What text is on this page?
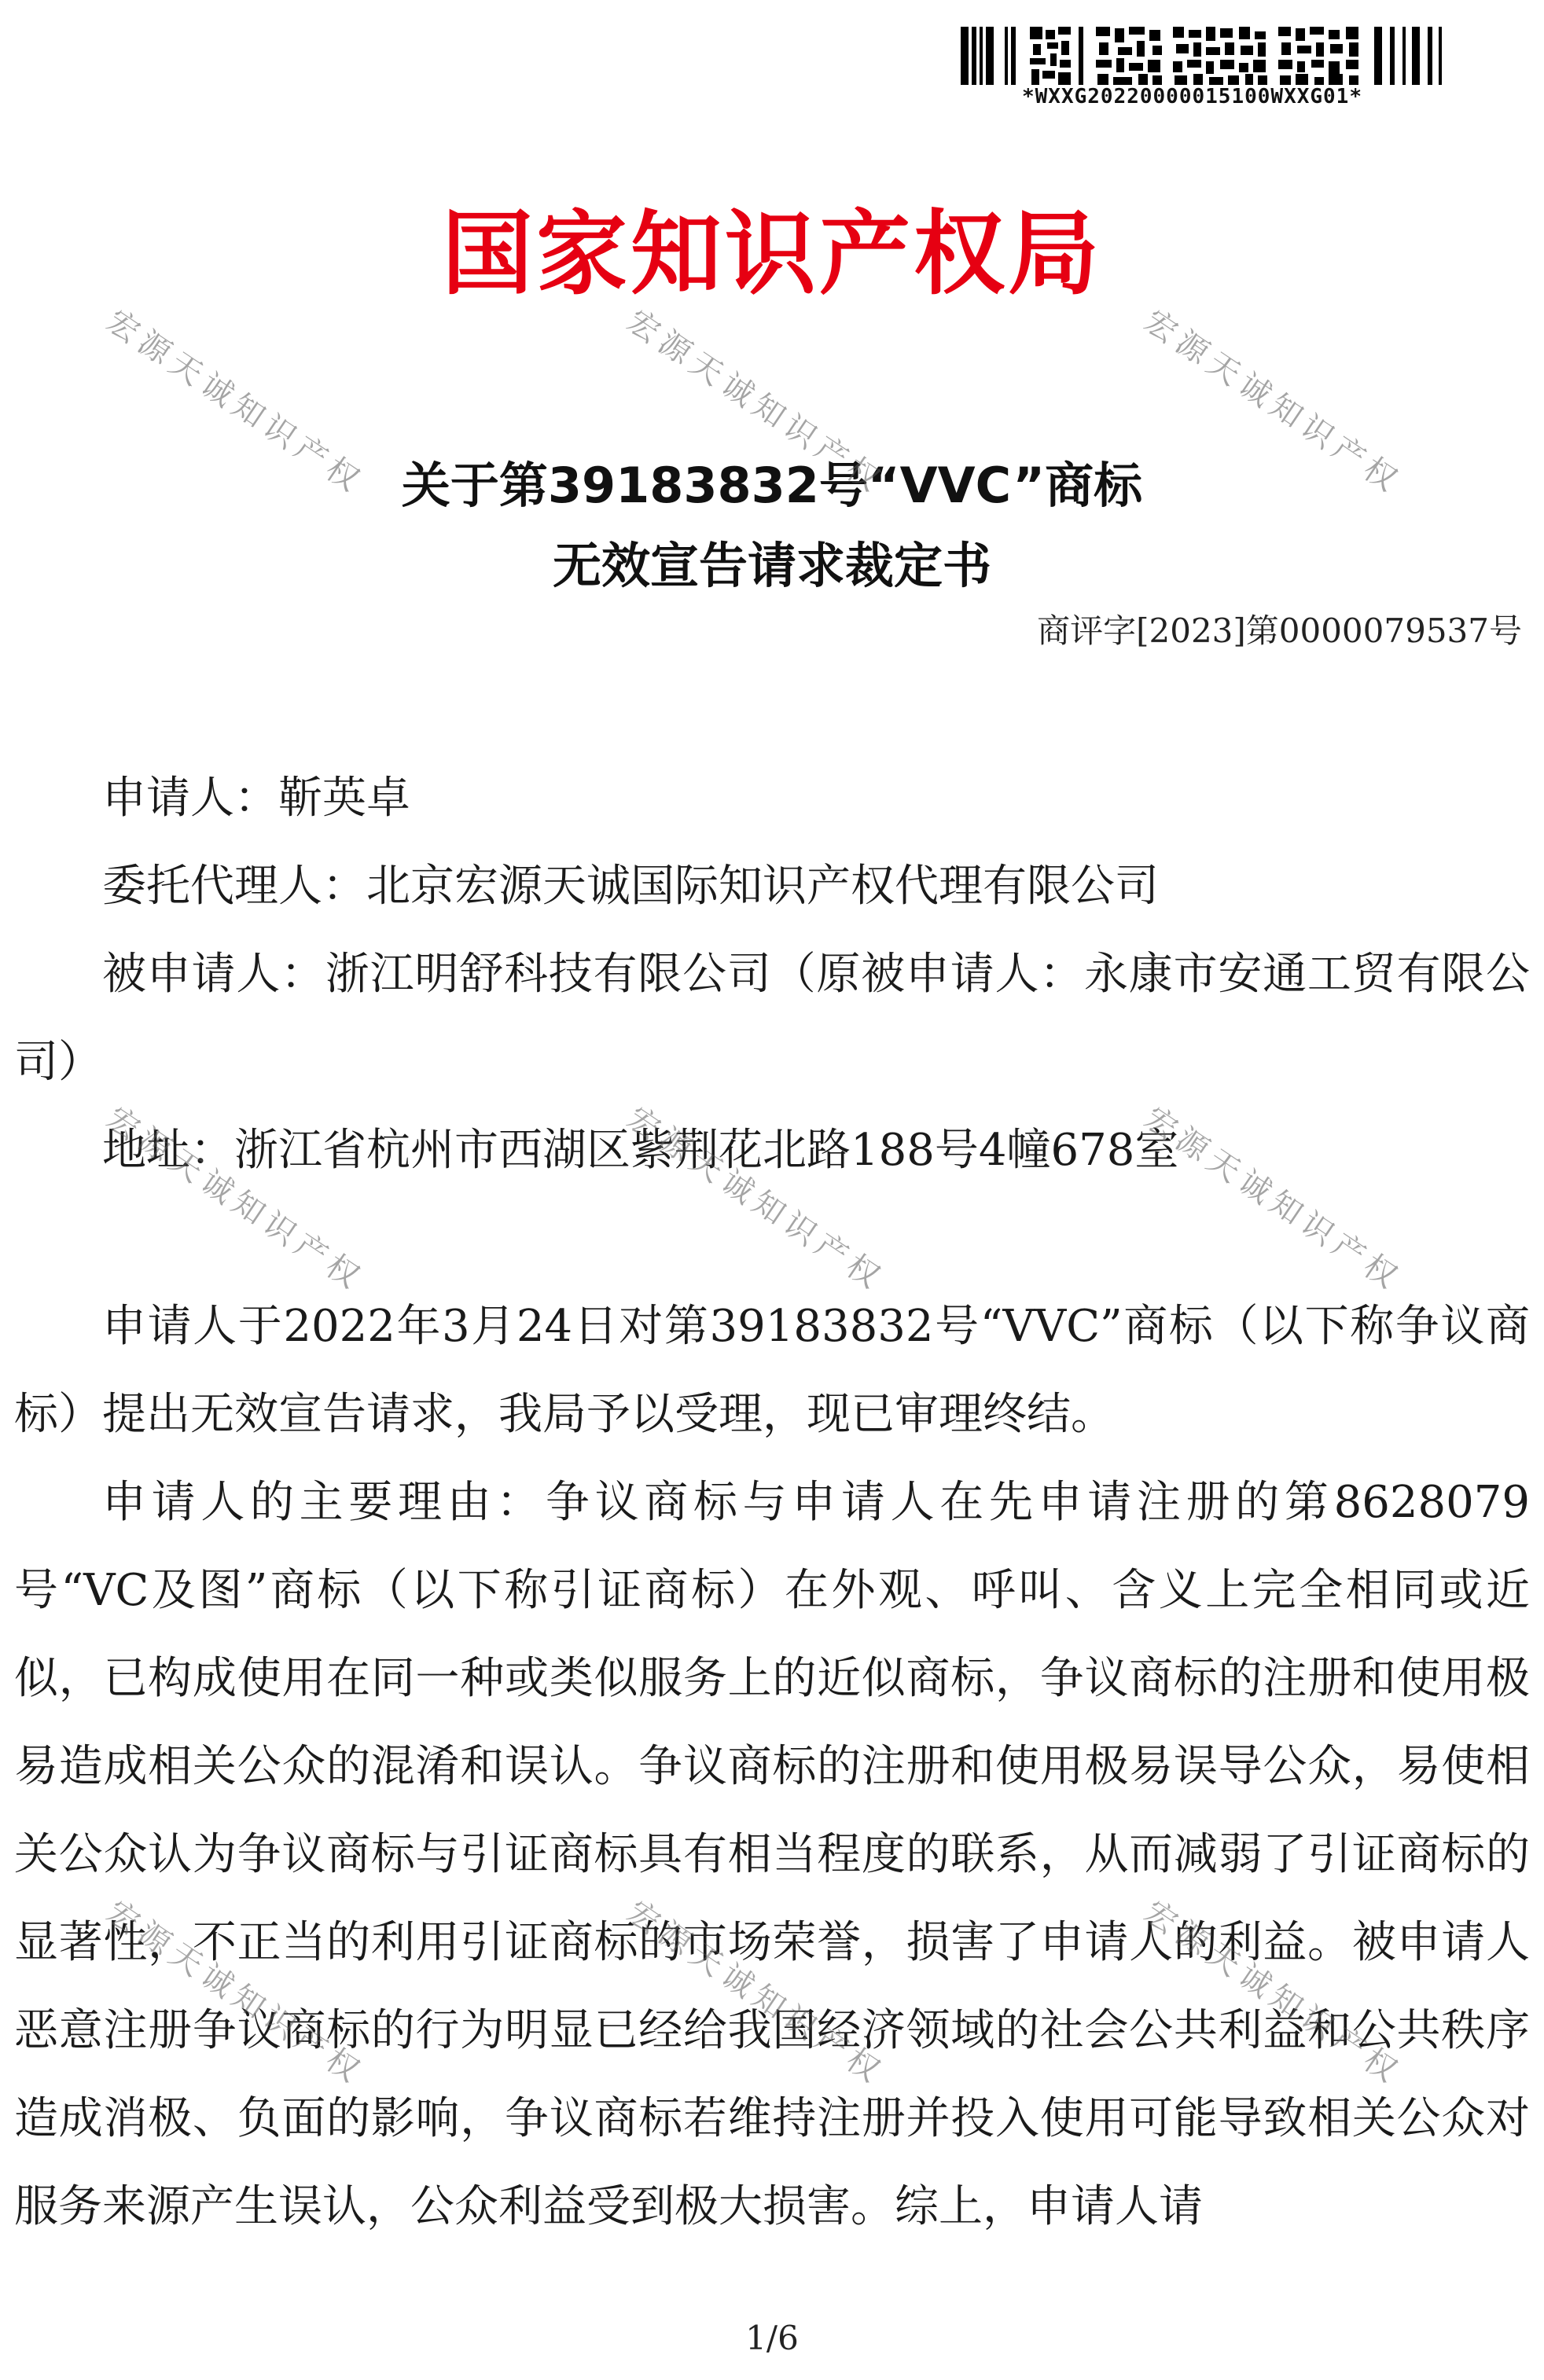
*WXXG20220000015100WXXG01*
国家知识产权局
关于第39183832号“VVC”商标
无效宣告请求裁定书
商评字[2023]第0000079537号

申请人：靳英卓

委托代理人：北京宏源天诚国际知识产权代理有限公司

被申请人：浙江明舒科技有限公司（原被申请人：永康市安通工贸有限公司）

地址：浙江省杭州市西湖区紫荆花北路188号4幢678室

申请人于2022年3月24日对第39183832号“VVC”商标（以下称争议商标）提出无效宣告请求，我局予以受理，现已审理终结。

申请人的主要理由：争议商标与申请人在先申请注册的第8628079号“VC及图”商标（以下称引证商标）在外观、呼叫、含义上完全相同或近似，已构成使用在同一种或类似服务上的近似商标，争议商标的注册和使用极易造成相关公众的混淆和误认。争议商标的注册和使用极易误导公众，易使相关公众认为争议商标与引证商标具有相当程度的联系，从而减弱了引证商标的显著性，不正当的利用引证商标的市场荣誉，损害了申请人的利益。被申请人恶意注册争议商标的行为明显已经给我国经济领域的社会公共利益和公共秩序造成消极、负面的影响，争议商标若维持注册并投入使用可能导致相关公众对服务来源产生误认，公众利益受到极大损害。综上，申请人请

宏源天诚知识产权	宏源天诚知识产权	宏源天诚知识产权
宏源天诚知识产权	宏源天诚知识产权	宏源天诚知识产权
宏源天诚知识产权	宏源天诚知识产权	宏源天诚知识产权
1/6
